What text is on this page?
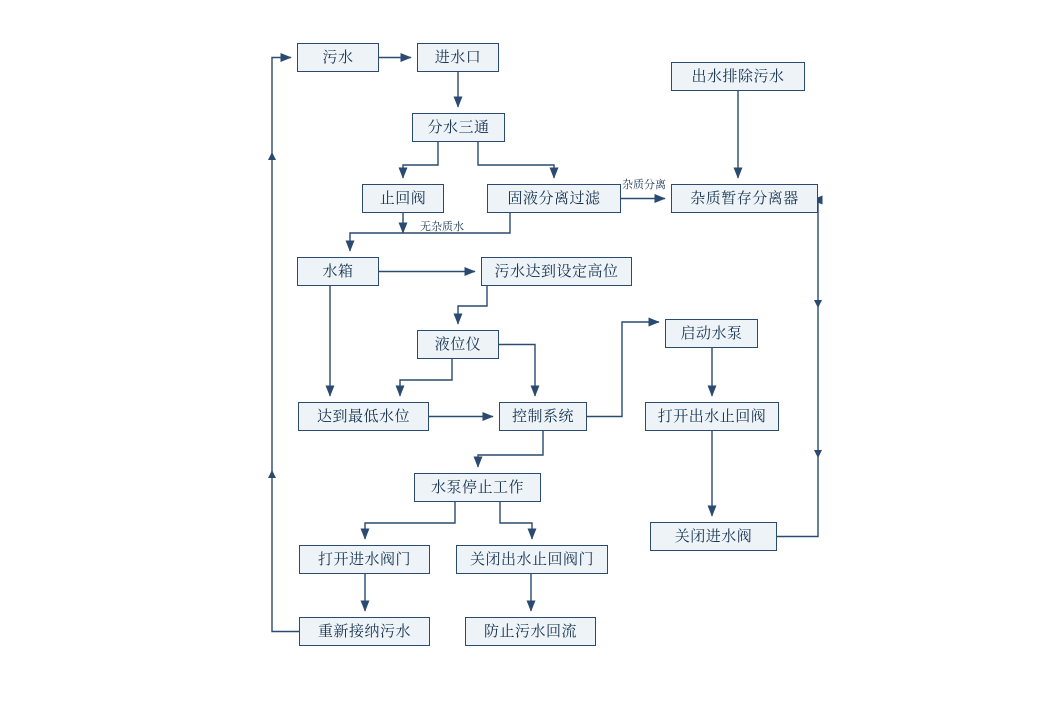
污水	进水口
出水排除污水
分水三通
止回阀	固液分离过滤	杂质暂存分离器
水箱	污水达到设定高位
液位仪
启动水泵
达到最低水位	控制系统	打开出水止回阀
水泵停止工作
关闭进水阀
打开进水阀门	关闭出水止回阀门
重新接纳污水	防止污水回流
杂质分离
无杂质水
